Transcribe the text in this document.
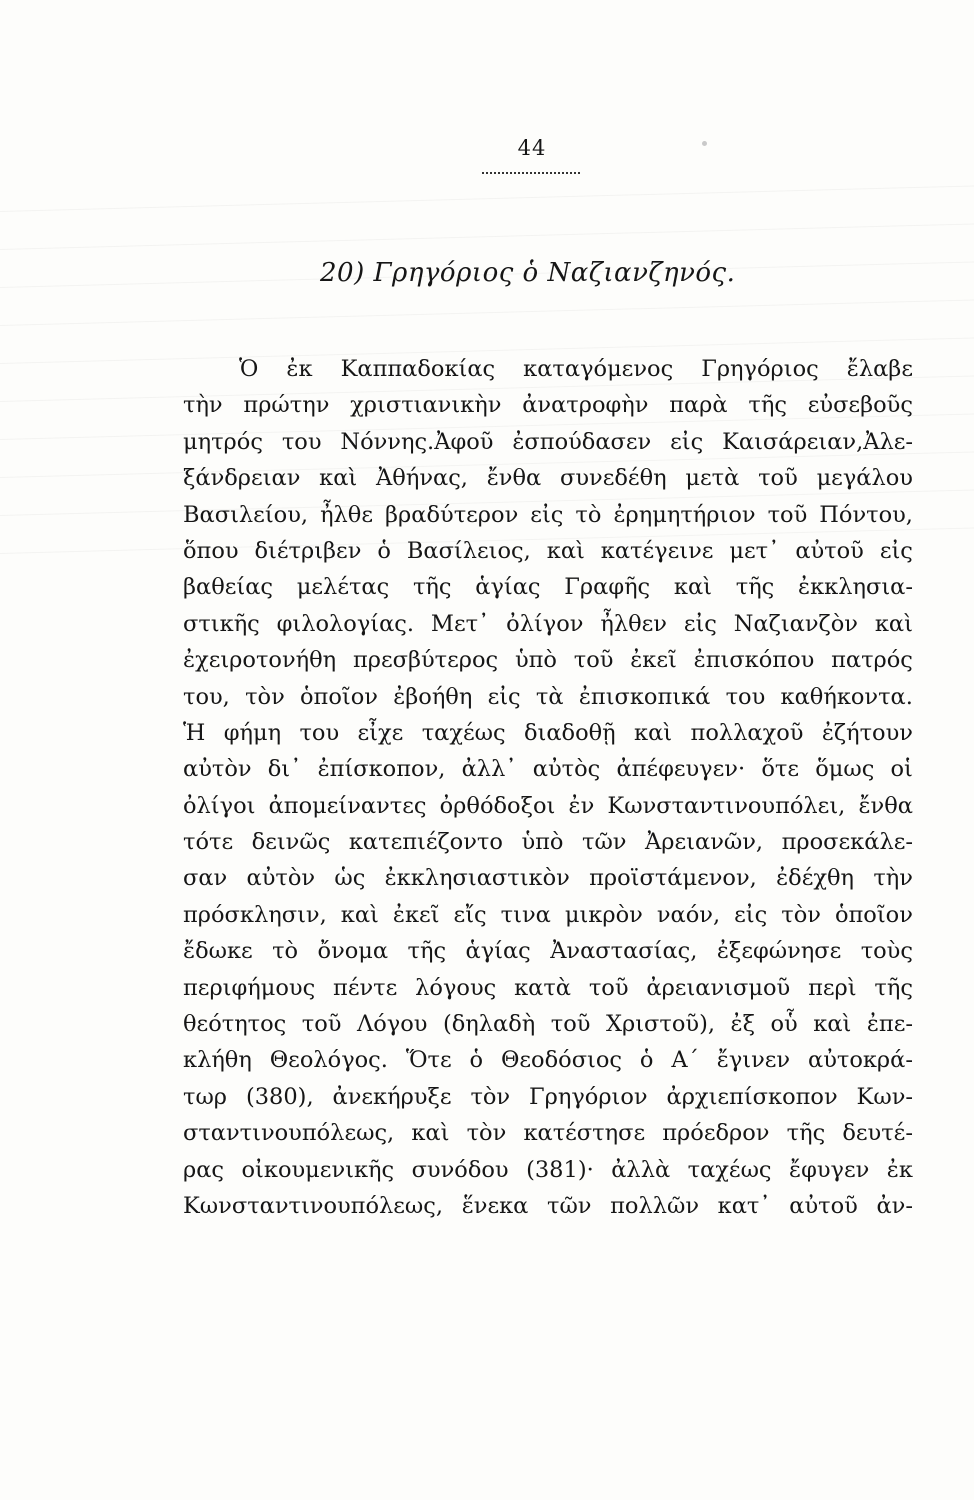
44
20) Γρηγόριος ὁ Ναζιανζηνός.
Ὁ ἐκ Καππαδοκίας καταγόμενος Γρηγόριος ἔλαβε
τὴν πρώτην χριστιανικὴν ἀνατροφὴν παρὰ τῆς εὐσεβοῦς
μητρός του Νόννης.Ἀφοῦ ἐσπούδασεν εἰς Καισάρειαν,Ἀλε-
ξάνδρειαν καὶ Ἀθήνας, ἔνθα συνεδέθη μετὰ τοῦ μεγάλου
Βασιλείου, ἦλθε βραδύτερον εἰς τὸ ἐρημητήριον τοῦ Πόντου,
ὅπου διέτριβεν ὁ Βασίλειος, καὶ κατέγεινε μετ᾽ αὐτοῦ εἰς
βαθείας μελέτας τῆς ἁγίας Γραφῆς καὶ τῆς ἐκκλησια-
στικῆς φιλολογίας. Μετ᾽ ὀλίγον ἦλθεν εἰς Ναζιανζὸν καὶ
ἐχειροτονήθη πρεσβύτερος ὑπὸ τοῦ ἐκεῖ ἐπισκόπου πατρός
του, τὸν ὁποῖον ἐβοήθη εἰς τὰ ἐπισκοπικά του καθήκοντα.
Ἡ φήμη του εἶχε ταχέως διαδοθῇ καὶ πολλαχοῦ ἐζήτουν
αὐτὸν δι᾽ ἐπίσκοπον, ἀλλ᾽ αὐτὸς ἀπέφευγεν· ὅτε ὅμως οἱ
ὀλίγοι ἀπομείναντες ὀρθόδοξοι ἐν Κωνσταντινουπόλει, ἔνθα
τότε δεινῶς κατεπιέζοντο ὑπὸ τῶν Ἀρειανῶν, προσεκάλε-
σαν αὐτὸν ὡς ἐκκλησιαστικὸν προϊστάμενον, ἐδέχθη τὴν
πρόσκλησιν, καὶ ἐκεῖ εἴς τινα μικρὸν ναόν, εἰς τὸν ὁποῖον
ἔδωκε τὸ ὄνομα τῆς ἁγίας Ἀναστασίας, ἐξεφώνησε τοὺς
περιφήμους πέντε λόγους κατὰ τοῦ ἀρειανισμοῦ περὶ τῆς
θεότητος τοῦ Λόγου (δηλαδὴ τοῦ Χριστοῦ), ἐξ οὗ καὶ ἐπε-
κλήθη Θεολόγος. Ὅτε ὁ Θεοδόσιος ὁ Α΄ ἔγινεν αὐτοκρά-
τωρ (380), ἀνεκήρυξε τὸν Γρηγόριον ἀρχιεπίσκοπον Κων-
σταντινουπόλεως, καὶ τὸν κατέστησε πρόεδρον τῆς δευτέ-
ρας οἰκουμενικῆς συνόδου (381)· ἀλλὰ ταχέως ἔφυγεν ἐκ
Κωνσταντινουπόλεως, ἕνεκα τῶν πολλῶν κατ᾽ αὐτοῦ ἀν-
